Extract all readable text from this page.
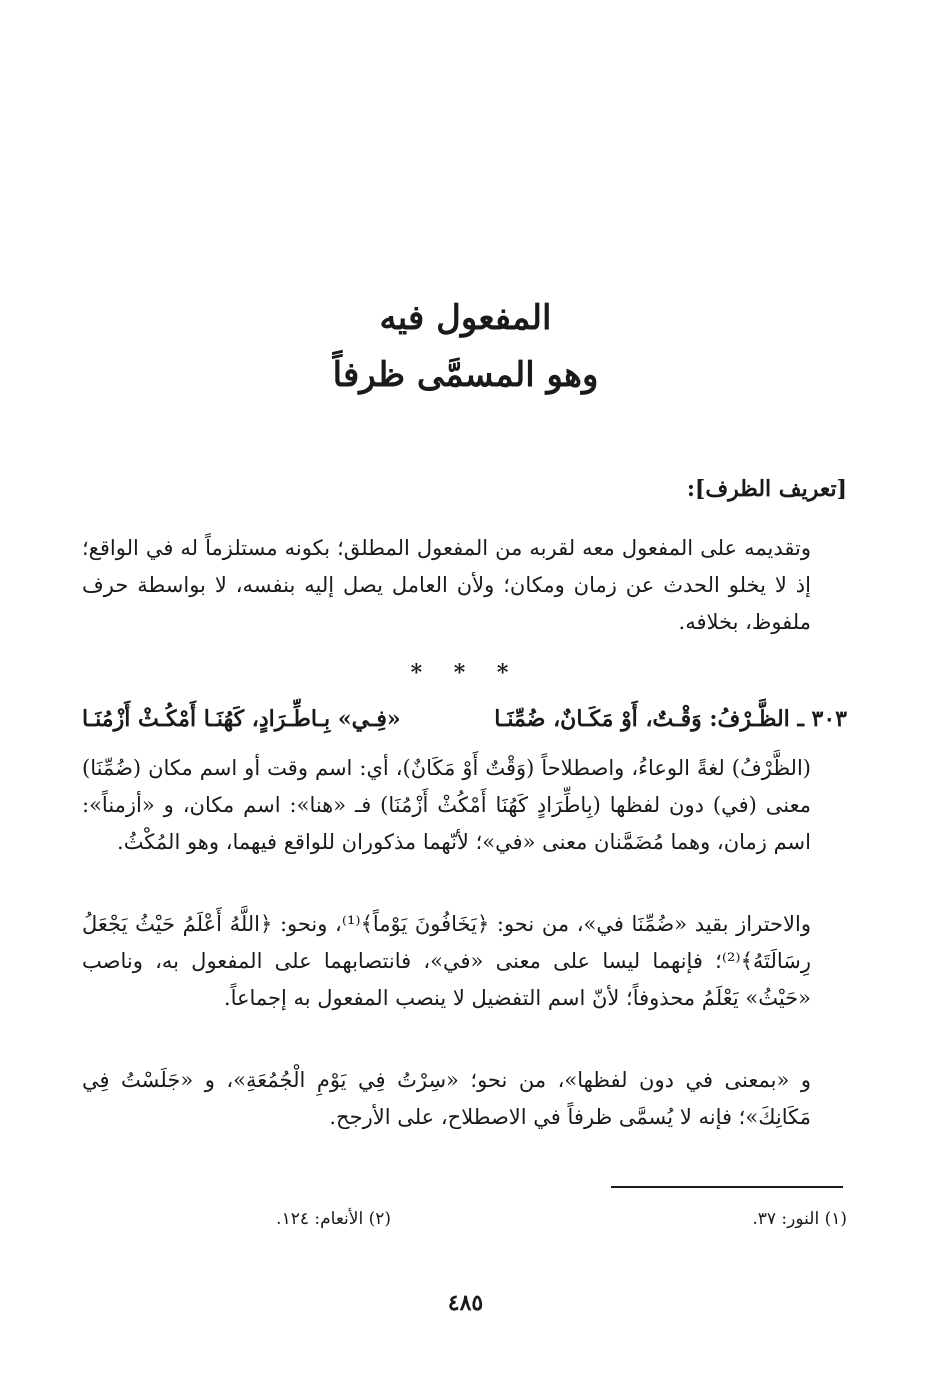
المفعول فيه
وهو المسمَّى ظرفاً
[تعريف الظرف]:
وتقديمه على المفعول معه لقربه من المفعول المطلق؛ بكونه مستلزماً له في الواقع؛ إذ لا يخلو الحدث عن زمان ومكان؛ ولأن العامل يصل إليه بنفسه، لا بواسطة حرف ملفوظ، بخلافه.
* * *
٣٠٣ ـ الظَّـرْفُ: وَقْـتٌ، أَوْ مَكَـانٌ، ضُمِّنَـا
«فِـي» بِـاطِّـرَادٍ، كَهُنَـا أَمْكُـثْ أَزْمُنَـا
(الظَّرْفُ) لغةً الوعاءُ، واصطلاحاً (وَقْتٌ أَوْ مَكَانٌ)، أي: اسم وقت أو اسم مكان (ضُمِّنَا) معنى (في) دون لفظها (بِاطِّرَادٍ كَهُنَا أَمْكُثْ أَزْمُنَا) فـ «هنا»: اسم مكان، و «أزمناً»: اسم زمان، وهما مُضَمَّنان معنى «في»؛ لأنّهما مذكوران للواقع فيهما، وهو المُكْثُ.
والاحتراز بقيد «ضُمِّنَا في»، من نحو: ﴿يَخَافُونَ يَوْماً﴾⁽¹⁾، ونحو: ﴿اللَّهُ أَعْلَمُ حَيْثُ يَجْعَلُ رِسَالَتَهُ﴾⁽²⁾؛ فإنهما ليسا على معنى «في»، فانتصابهما على المفعول به، وناصب «حَيْثُ» يَعْلَمُ محذوفاً؛ لأنّ اسم التفضيل لا ينصب المفعول به إجماعاً.
و «بمعنى في دون لفظها»، من نحو؛ «سِرْتُ فِي يَوْمِ الْجُمُعَةِ»، و «جَلَسْتُ فِي مَكَانِكَ»؛ فإنه لا يُسمَّى ظرفاً في الاصطلاح، على الأرجح.
(١) النور: ٣٧.
(٢) الأنعام: ١٢٤.
٤٨٥
